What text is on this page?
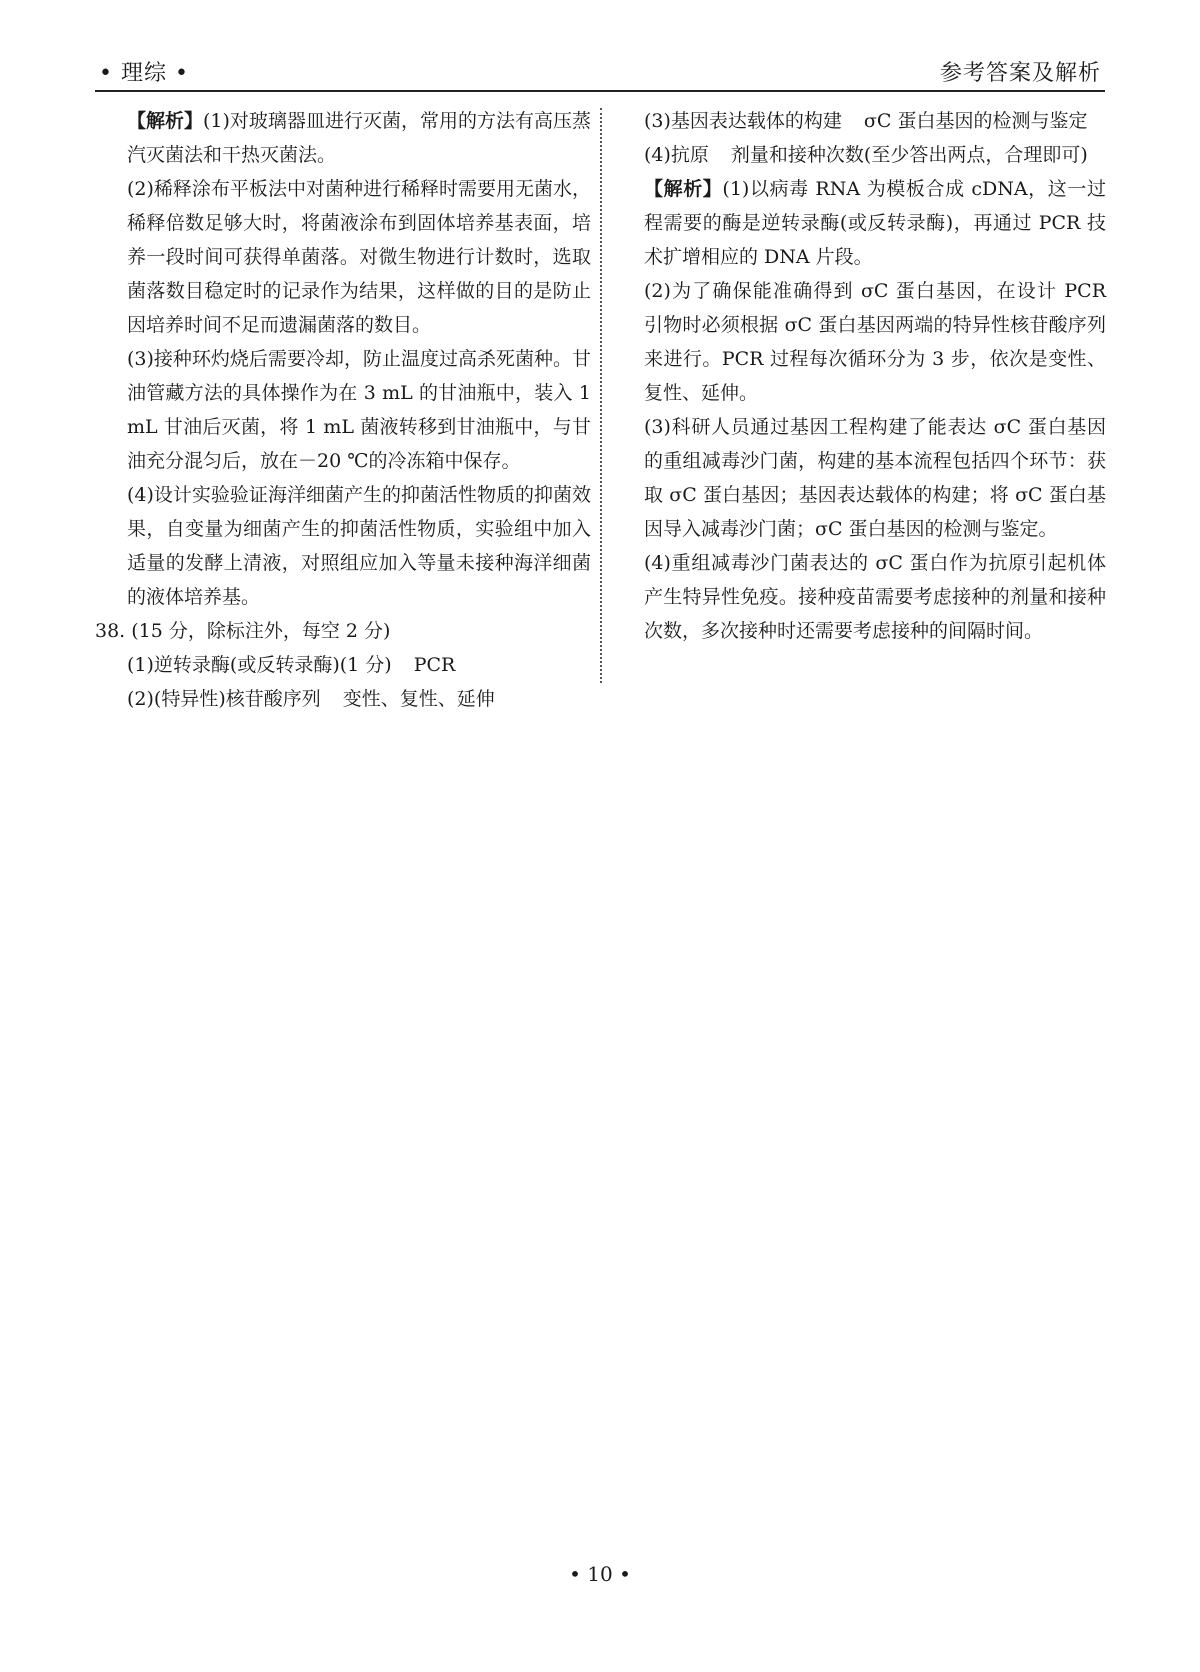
• 理综 •	参考答案及解析

【解析】(1)对玻璃器皿进行灭菌，常用的方法有高压蒸汽灭菌法和干热灭菌法。

(2)稀释涂布平板法中对菌种进行稀释时需要用无菌水，稀释倍数足够大时，将菌液涂布到固体培养基表面，培养一段时间可获得单菌落。对微生物进行计数时，选取菌落数目稳定时的记录作为结果，这样做的目的是防止因培养时间不足而遗漏菌落的数目。

(3)接种环灼烧后需要冷却，防止温度过高杀死菌种。甘油管藏方法的具体操作为在 3 mL 的甘油瓶中，装入 1 mL 甘油后灭菌，将 1 mL 菌液转移到甘油瓶中，与甘油充分混匀后，放在－20 ℃的冷冻箱中保存。

(4)设计实验验证海洋细菌产生的抑菌活性物质的抑菌效果，自变量为细菌产生的抑菌活性物质，实验组中加入适量的发酵上清液，对照组应加入等量未接种海洋细菌的液体培养基。

38. (15 分，除标注外，每空 2 分)

(1)逆转录酶(或反转录酶)(1 分) PCR

(2)(特异性)核苷酸序列 变性、复性、延伸

(3)基因表达载体的构建 σC 蛋白基因的检测与鉴定

(4)抗原 剂量和接种次数(至少答出两点，合理即可)

【解析】(1)以病毒 RNA 为模板合成 cDNA，这一过程需要的酶是逆转录酶(或反转录酶)，再通过 PCR 技术扩增相应的 DNA 片段。

(2)为了确保能准确得到 σC 蛋白基因，在设计 PCR 引物时必须根据 σC 蛋白基因两端的特异性核苷酸序列来进行。PCR 过程每次循环分为 3 步，依次是变性、复性、延伸。

(3)科研人员通过基因工程构建了能表达 σC 蛋白基因的重组减毒沙门菌，构建的基本流程包括四个环节：获取 σC 蛋白基因；基因表达载体的构建；将 σC 蛋白基因导入减毒沙门菌；σC 蛋白基因的检测与鉴定。

(4)重组减毒沙门菌表达的 σC 蛋白作为抗原引起机体产生特异性免疫。接种疫苗需要考虑接种的剂量和接种次数，多次接种时还需要考虑接种的间隔时间。

• 10 •
